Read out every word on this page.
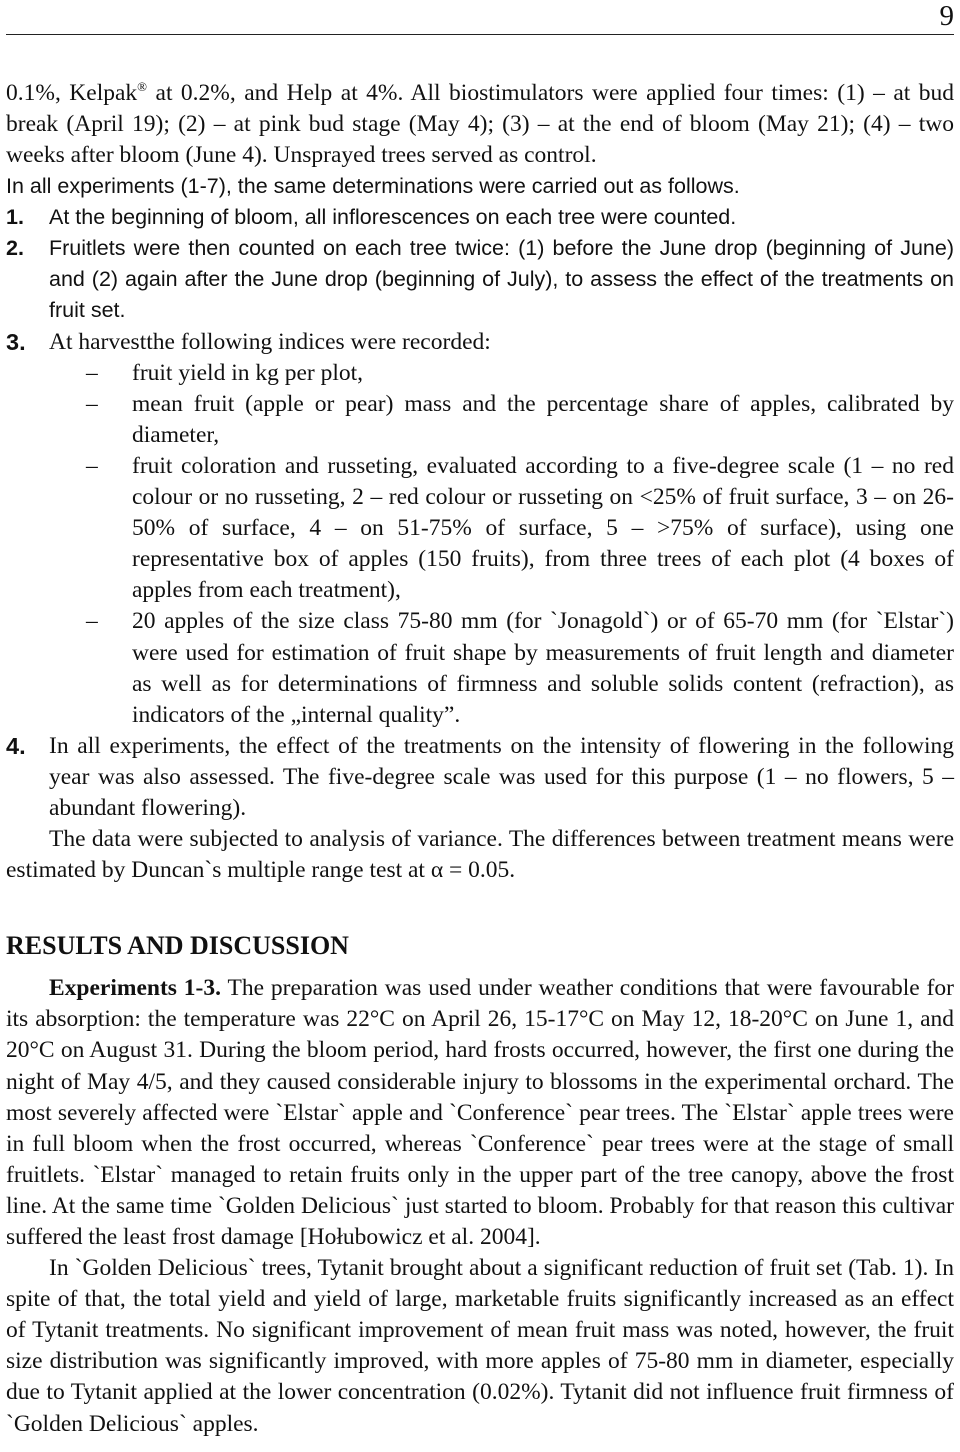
9

0.1%, Kelpak® at 0.2%, and Help at 4%. All biostimulators were applied four times: (1) – at bud break (April 19); (2) – at pink bud stage (May 4); (3) – at the end of bloom (May 21); (4) – two weeks after bloom (June 4). Unsprayed trees served as control.

In all experiments (1-7), the same determinations were carried out as follows.

1. At the beginning of bloom, all inflorescences on each tree were counted.
2. Fruitlets were then counted on each tree twice: (1) before the June drop (beginning of June) and (2) again after the June drop (beginning of July), to assess the effect of the treatments on fruit set.
3. At harvestthe following indices were recorded:
– fruit yield in kg per plot,
– mean fruit (apple or pear) mass and the percentage share of apples, calibrated by diameter,
– fruit coloration and russeting, evaluated according to a five-degree scale (1 – no red colour or no russeting, 2 – red colour or russeting on <25% of fruit surface, 3 – on 26-50% of surface, 4 – on 51-75% of surface, 5 – >75% of surface), using one representative box of apples (150 fruits), from three trees of each plot (4 boxes of apples from each treatment),
– 20 apples of the size class 75-80 mm (for `Jonagold`) or of 65-70 mm (for `Elstar`) were used for estimation of fruit shape by measurements of fruit length and diameter as well as for determinations of firmness and soluble solids content (refraction), as indicators of the „internal quality”.
4. In all experiments, the effect of the treatments on the intensity of flowering in the following year was also assessed. The five-degree scale was used for this purpose (1 – no flowers, 5 – abundant flowering).

The data were subjected to analysis of variance. The differences between treatment means were estimated by Duncan`s multiple range test at α = 0.05.

RESULTS AND DISCUSSION

Experiments 1-3. The preparation was used under weather conditions that were favourable for its absorption: the temperature was 22°C on April 26, 15-17°C on May 12, 18-20°C on June 1, and 20°C on August 31. During the bloom period, hard frosts occurred, however, the first one during the night of May 4/5, and they caused considerable injury to blossoms in the experimental orchard. The most severely affected were `Elstar` apple and `Conference` pear trees. The `Elstar` apple trees were in full bloom when the frost occurred, whereas `Conference` pear trees were at the stage of small fruitlets. `Elstar` managed to retain fruits only in the upper part of the tree canopy, above the frost line. At the same time `Golden Delicious` just started to bloom. Probably for that reason this cultivar suffered the least frost damage [Hołubowicz et al. 2004].

In `Golden Delicious` trees, Tytanit brought about a significant reduction of fruit set (Tab. 1). In spite of that, the total yield and yield of large, marketable fruits significantly increased as an effect of Tytanit treatments. No significant improvement of mean fruit mass was noted, however, the fruit size distribution was significantly improved, with more apples of 75-80 mm in diameter, especially due to Tytanit applied at the lower concentration (0.02%). Tytanit did not influence fruit firmness of `Golden Delicious` apples.
